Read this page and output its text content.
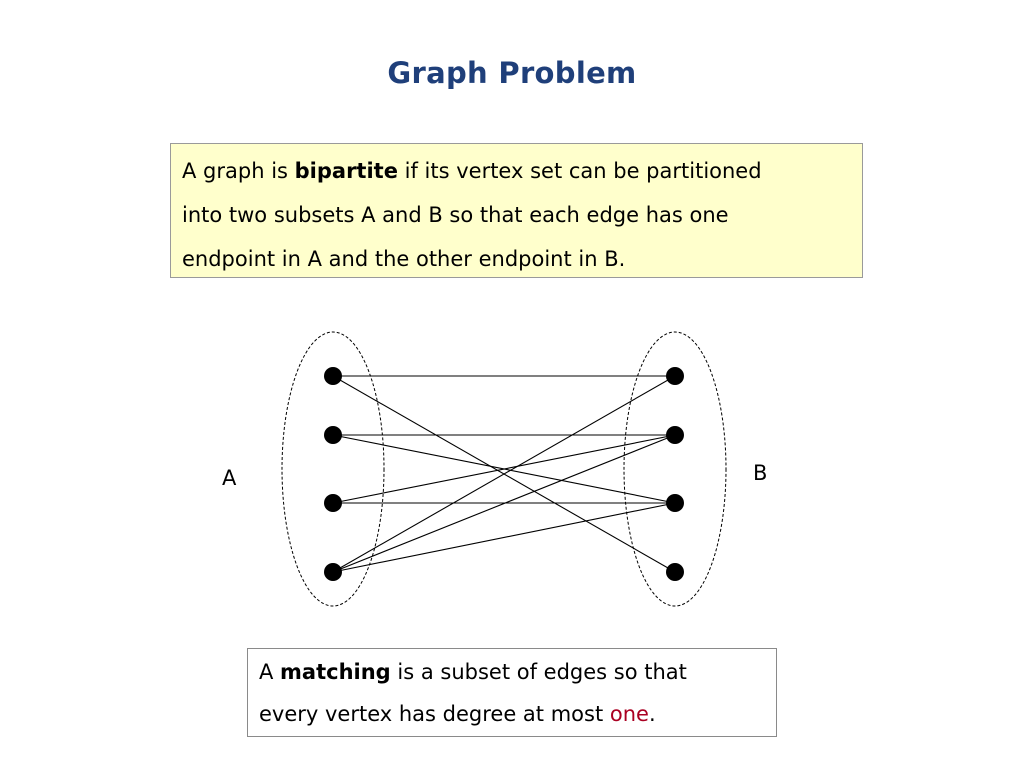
Graph Problem
A graph is bipartite if its vertex set can be partitioned
into two subsets A and B so that each edge has one
endpoint in A and the other endpoint in B.
A	B
A matching is a subset of edges so that
every vertex has degree at most one.
